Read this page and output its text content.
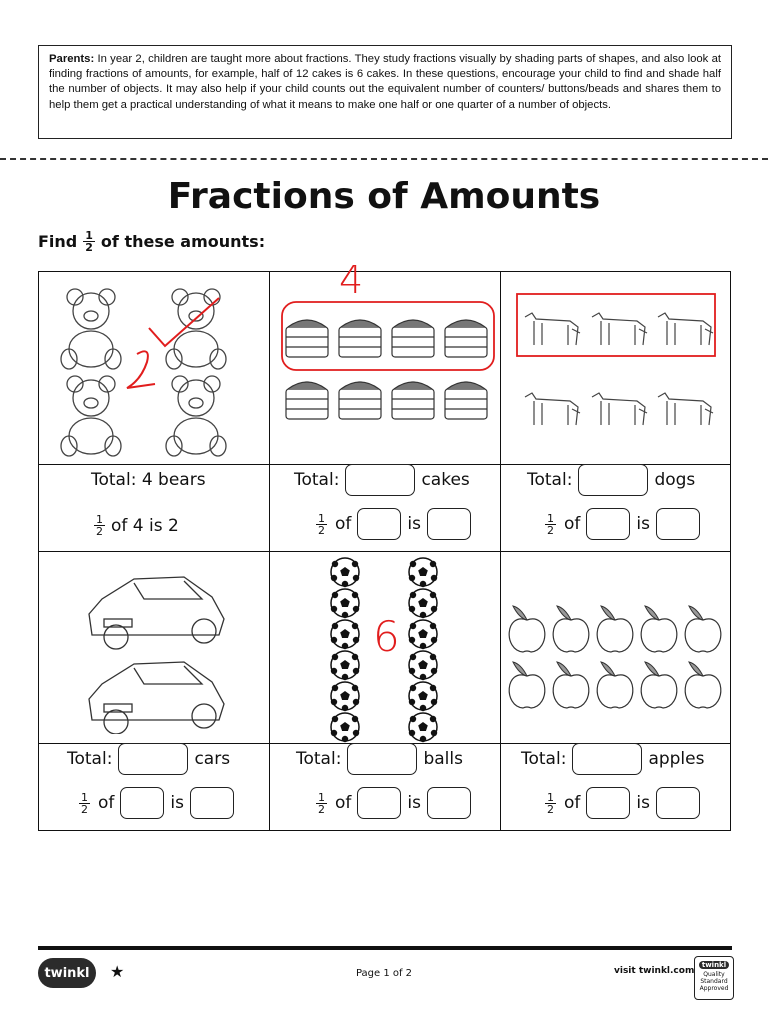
Parents: In year 2, children are taught more about fractions. They study fractions visually by shading parts of shapes, and also look at finding fractions of amounts, for example, half of 12 cakes is 6 cakes. In these questions, encourage your child to find and shade half the number of objects. It may also help if your child counts out the equivalent number of counters/ buttons/beads and shares them to help them get a practical understanding of what it means to make one half or one quarter of a number of objects.
Fractions of Amounts
Find $\frac{1}{2}$ of these amounts:
Total: 4 bears
$\frac{1}{2}$ of 4 is 2
4
Total:	cakes
$\frac{1}{2}$ of	is
Total:	dogs
$\frac{1}{2}$ of	is
Total:	cars
$\frac{1}{2}$ of	is
6
Total:	balls
$\frac{1}{2}$ of	is
Total:	apples
$\frac{1}{2}$ of	is
twinkl	★	Page 1 of 2	visit twinkl.com
twinkl
Quality Standard Approved
